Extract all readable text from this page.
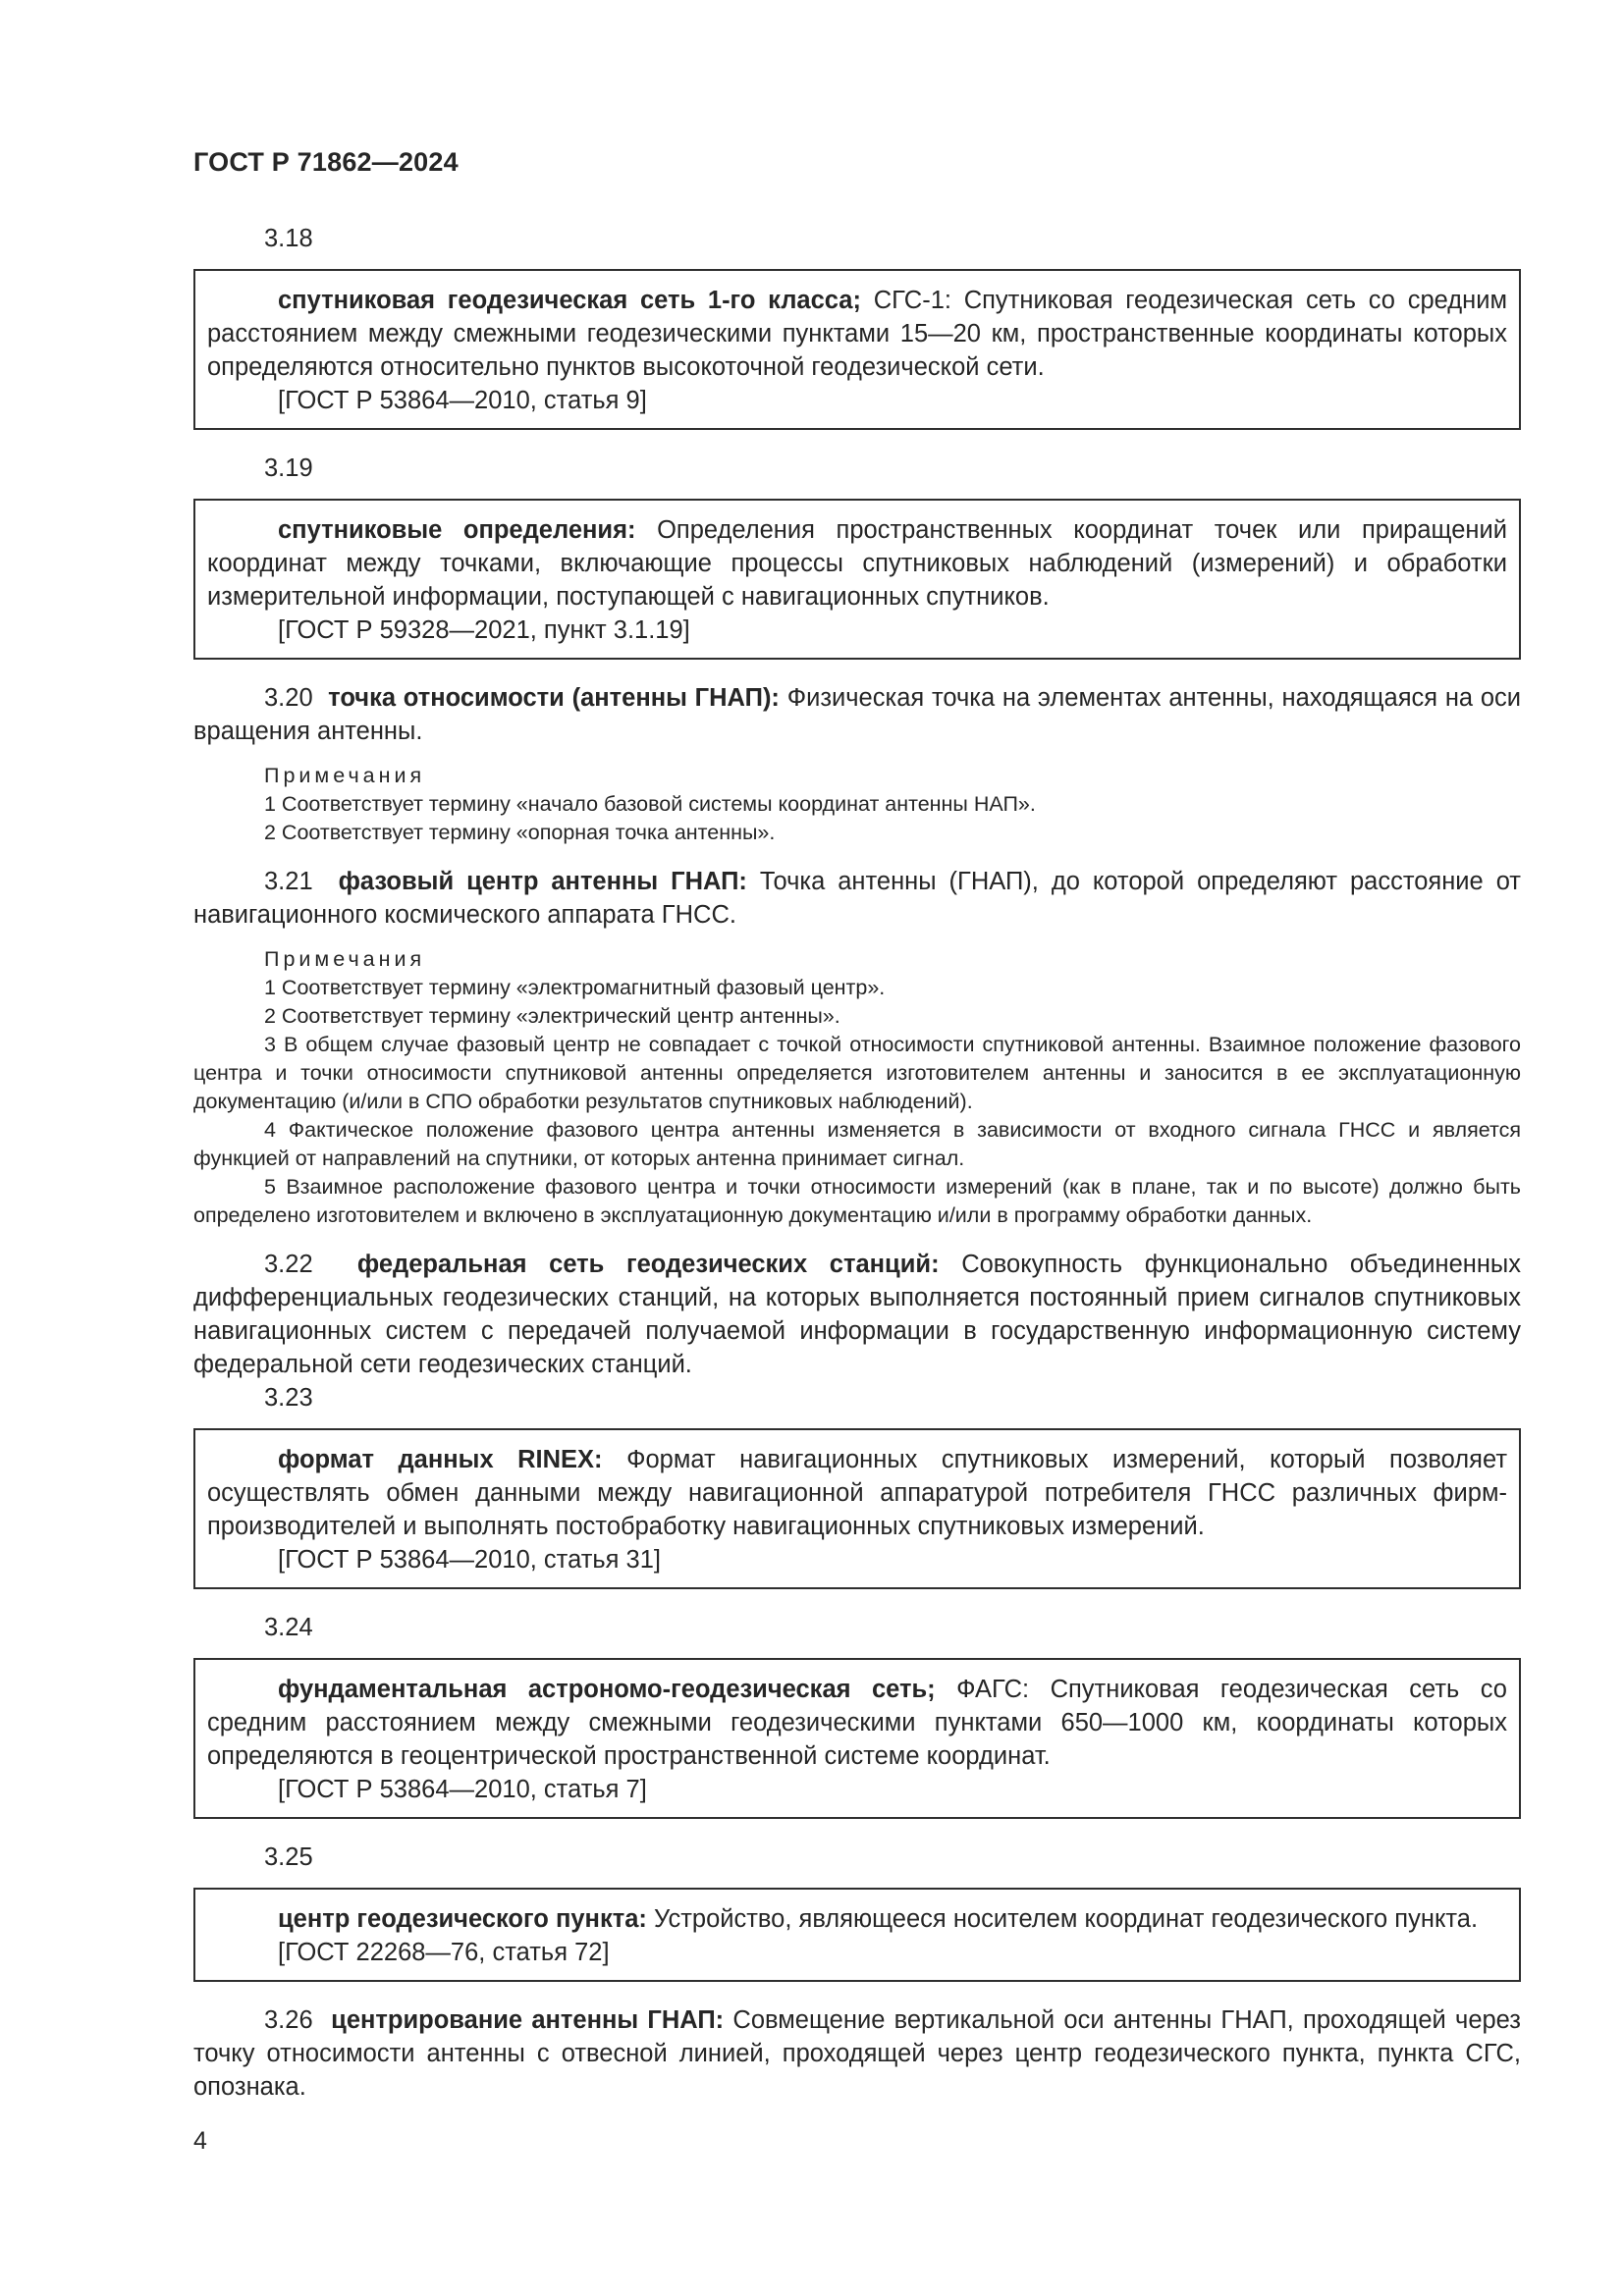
ГОСТ Р 71862—2024
3.18
спутниковая геодезическая сеть 1-го класса; СГС-1: Спутниковая геодезическая сеть со средним расстоянием между смежными геодезическими пунктами 15—20 км, пространственные координаты которых определяются относительно пунктов высокоточной геодезической сети.
[ГОСТ Р 53864—2010, статья 9]
3.19
спутниковые определения: Определения пространственных координат точек или приращений координат между точками, включающие процессы спутниковых наблюдений (измерений) и обработки измерительной информации, поступающей с навигационных спутников.
[ГОСТ Р 59328—2021, пункт 3.1.19]
3.20 точка относимости (антенны ГНАП): Физическая точка на элементах антенны, находящаяся на оси вращения антенны.
Примечания
1 Соответствует термину «начало базовой системы координат антенны НАП».
2 Соответствует термину «опорная точка антенны».
3.21 фазовый центр антенны ГНАП: Точка антенны (ГНАП), до которой определяют расстояние от навигационного космического аппарата ГНСС.
Примечания
1 Соответствует термину «электромагнитный фазовый центр».
2 Соответствует термину «электрический центр антенны».
3 В общем случае фазовый центр не совпадает с точкой относимости спутниковой антенны. Взаимное положение фазового центра и точки относимости спутниковой антенны определяется изготовителем антенны и заносится в ее эксплуатационную документацию (и/или в СПО обработки результатов спутниковых наблюдений).
4 Фактическое положение фазового центра антенны изменяется в зависимости от входного сигнала ГНСС и является функцией от направлений на спутники, от которых антенна принимает сигнал.
5 Взаимное расположение фазового центра и точки относимости измерений (как в плане, так и по высоте) должно быть определено изготовителем и включено в эксплуатационную документацию и/или в программу обработки данных.
3.22 федеральная сеть геодезических станций: Совокупность функционально объединенных дифференциальных геодезических станций, на которых выполняется постоянный прием сигналов спутниковых навигационных систем с передачей получаемой информации в государственную информационную систему федеральной сети геодезических станций.
3.23
формат данных RINEX: Формат навигационных спутниковых измерений, который позволяет осуществлять обмен данными между навигационной аппаратурой потребителя ГНСС различных фирм-производителей и выполнять постобработку навигационных спутниковых измерений.
[ГОСТ Р 53864—2010, статья 31]
3.24
фундаментальная астрономо-геодезическая сеть; ФАГС: Спутниковая геодезическая сеть со средним расстоянием между смежными геодезическими пунктами 650—1000 км, координаты которых определяются в геоцентрической пространственной системе координат.
[ГОСТ Р 53864—2010, статья 7]
3.25
центр геодезического пункта: Устройство, являющееся носителем координат геодезического пункта.
[ГОСТ 22268—76, статья 72]
3.26 центрирование антенны ГНАП: Совмещение вертикальной оси антенны ГНАП, проходящей через точку относимости антенны с отвесной линией, проходящей через центр геодезического пункта, пункта СГС, опознака.
4
